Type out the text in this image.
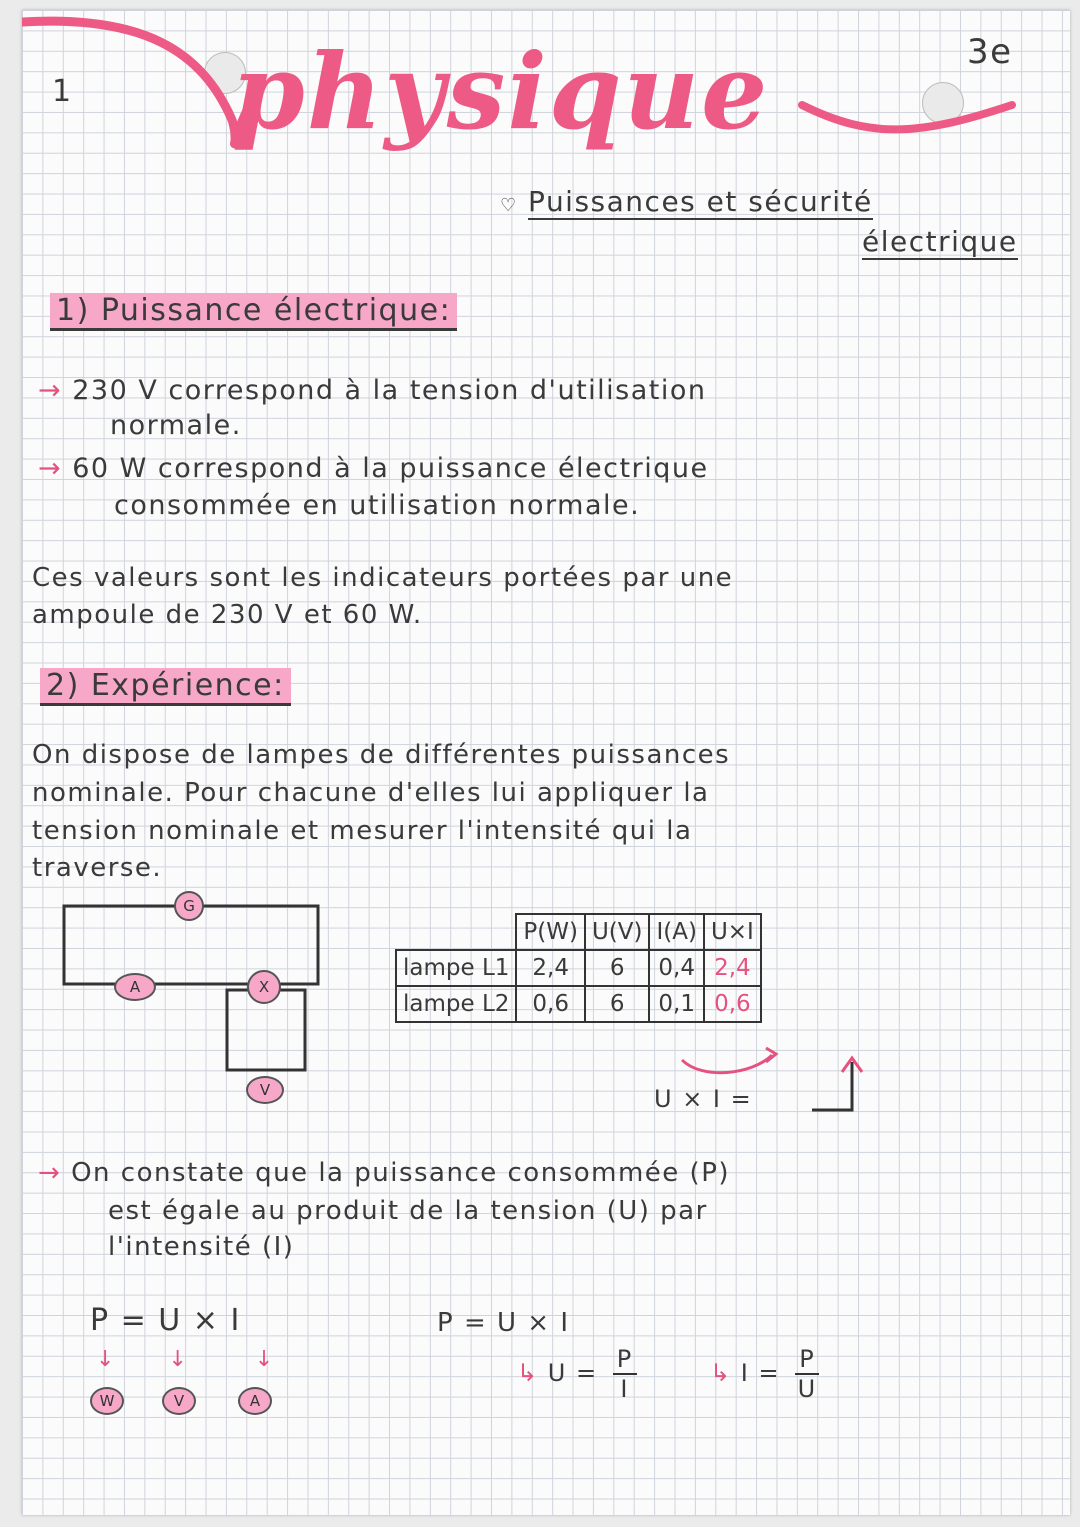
1
3e
physique
♡ Puissances et sécurité
électrique
1) Puissance électrique:
→ 230 V correspond à la tension d'utilisation
normale.
→ 60 W correspond à la puissance électrique
consommée en utilisation normale.
Ces valeurs sont les indicateurs portées par une
ampoule de 230 V et 60 W.
2) Expérience:
On dispose de lampes de différentes puissances
nominale. Pour chacune d'elles lui appliquer la
tension nominale et mesurer l'intensité qui la
traverse.
G
A	X
V
	P(W)	U(V)	I(A)	U×I
lampe L1	2,4	6	0,4	2,4
lampe L2	0,6	6	0,1	0,6
U × I =
→ On constate que la puissance consommée (P)
est égale au produit de la tension (U) par
l'intensité (I)
P = U × I
↓ ↓	↓
W	V	A
P = U × I
↳ $U = \frac{P}{I}$	↳ $I = \frac{P}{U}$
